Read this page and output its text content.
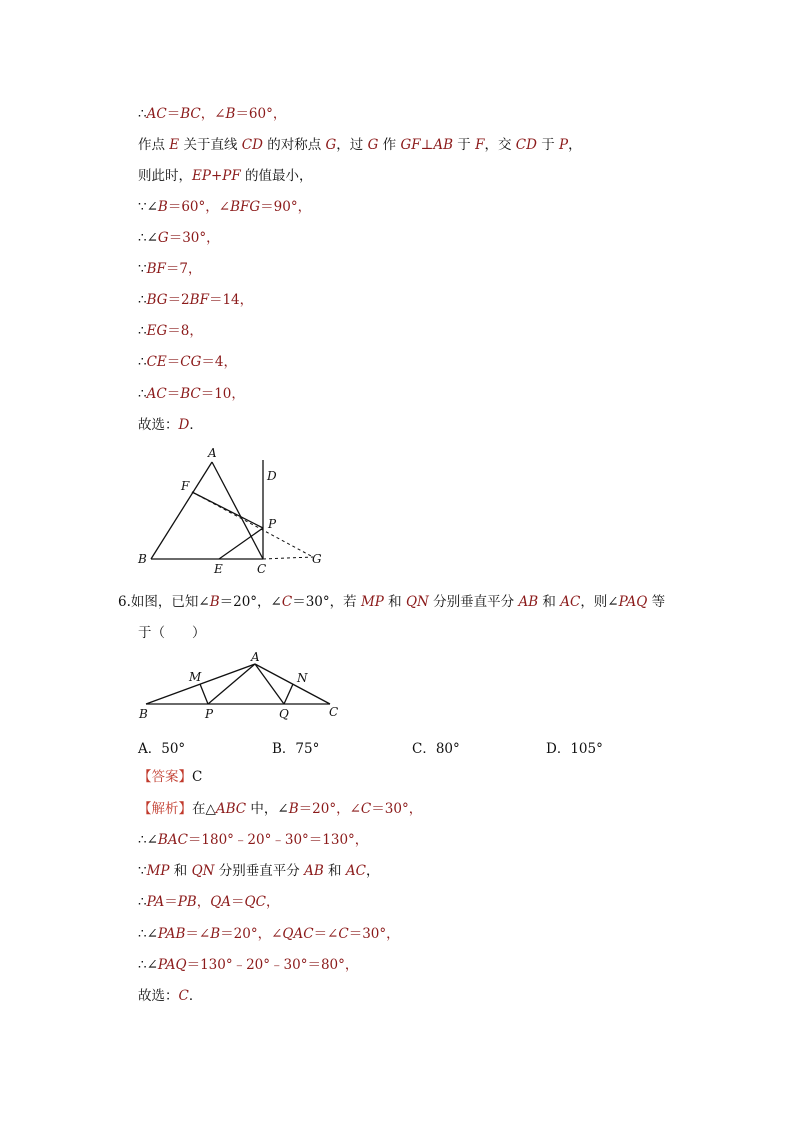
∴AC＝BC，∠B＝60°，
作点 E 关于直线 CD 的对称点 G，过 G 作 GF⊥AB 于 F，交 CD 于 P，
则此时，EP+PF 的值最小，
∵∠B＝60°，∠BFG＝90°，
∴∠G＝30°，
∵BF＝7，
∴BG＝2BF＝14，
∴EG＝8，
∴CE＝CG＝4，
∴AC＝BC＝10，
故选：D．
A
D
F
P
B
E	C
G
6.如图，已知∠B＝20°，∠C＝30°，若 MP 和 QN 分别垂直平分 AB 和 AC，则∠PAQ 等
于（　　）
A
M	N
B	P	Q	C
A．50°	B．75°	C．80°	D．105°
【答案】C
【解析】在△ABC 中，∠B＝20°，∠C＝30°，
∴∠BAC＝180°﹣20°﹣30°＝130°，
∵MP 和 QN 分别垂直平分 AB 和 AC，
∴PA＝PB，QA＝QC，
∴∠PAB＝∠B＝20°，∠QAC＝∠C＝30°，
∴∠PAQ＝130°﹣20°﹣30°＝80°，
故选：C．
